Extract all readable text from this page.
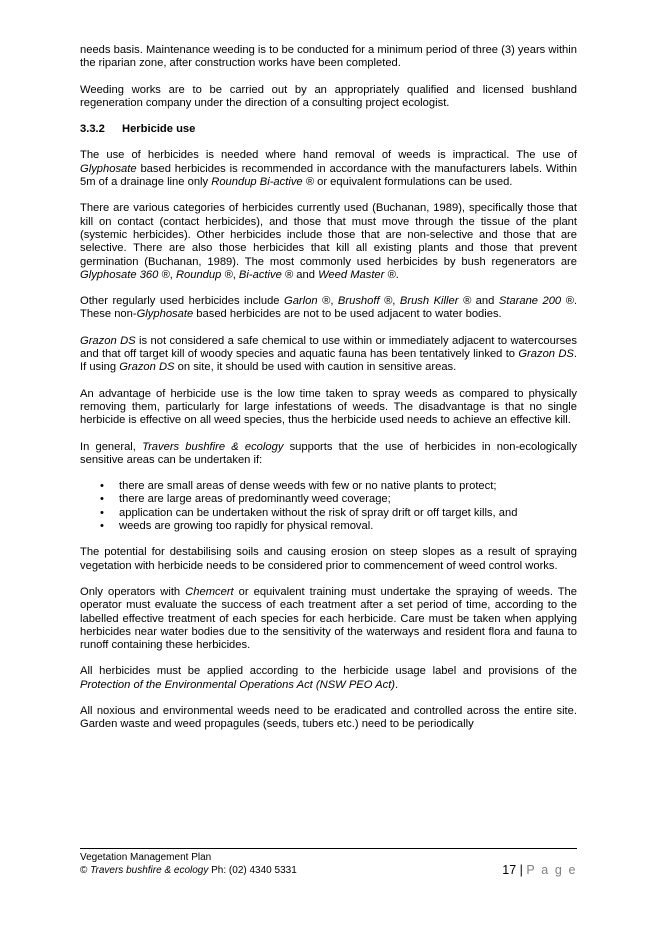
needs basis. Maintenance weeding is to be conducted for a minimum period of three (3) years within the riparian zone, after construction works have been completed.

Weeding works are to be carried out by an appropriately qualified and licensed bushland regeneration company under the direction of a consulting project ecologist.

3.3.2	Herbicide use

The use of herbicides is needed where hand removal of weeds is impractical. The use of Glyphosate based herbicides is recommended in accordance with the manufacturers labels. Within 5m of a drainage line only Roundup Bi-active ® or equivalent formulations can be used.

There are various categories of herbicides currently used (Buchanan, 1989), specifically those that kill on contact (contact herbicides), and those that must move through the tissue of the plant (systemic herbicides). Other herbicides include those that are non-selective and those that are selective. There are also those herbicides that kill all existing plants and those that prevent germination (Buchanan, 1989). The most commonly used herbicides by bush regenerators are Glyphosate 360 ®, Roundup ®, Bi-active ® and Weed Master ®.

Other regularly used herbicides include Garlon ®, Brushoff ®, Brush Killer ® and Starane 200 ®. These non-Glyphosate based herbicides are not to be used adjacent to water bodies.

Grazon DS is not considered a safe chemical to use within or immediately adjacent to watercourses and that off target kill of woody species and aquatic fauna has been tentatively linked to Grazon DS. If using Grazon DS on site, it should be used with caution in sensitive areas.

An advantage of herbicide use is the low time taken to spray weeds as compared to physically removing them, particularly for large infestations of weeds. The disadvantage is that no single herbicide is effective on all weed species, thus the herbicide used needs to achieve an effective kill.

In general, Travers bushfire & ecology supports that the use of herbicides in non-ecologically sensitive areas can be undertaken if:

• there are small areas of dense weeds with few or no native plants to protect;
• there are large areas of predominantly weed coverage;
• application can be undertaken without the risk of spray drift or off target kills, and
• weeds are growing too rapidly for physical removal.

The potential for destabilising soils and causing erosion on steep slopes as a result of spraying vegetation with herbicide needs to be considered prior to commencement of weed control works.

Only operators with Chemcert or equivalent training must undertake the spraying of weeds. The operator must evaluate the success of each treatment after a set period of time, according to the labelled effective treatment of each species for each herbicide. Care must be taken when applying herbicides near water bodies due to the sensitivity of the waterways and resident flora and fauna to runoff containing these herbicides.

All herbicides must be applied according to the herbicide usage label and provisions of the Protection of the Environmental Operations Act (NSW PEO Act).

All noxious and environmental weeds need to be eradicated and controlled across the entire site. Garden waste and weed propagules (seeds, tubers etc.) need to be periodically

Vegetation Management Plan
© Travers bushfire & ecology Ph: (02) 4340 5331	17 | P a g e
